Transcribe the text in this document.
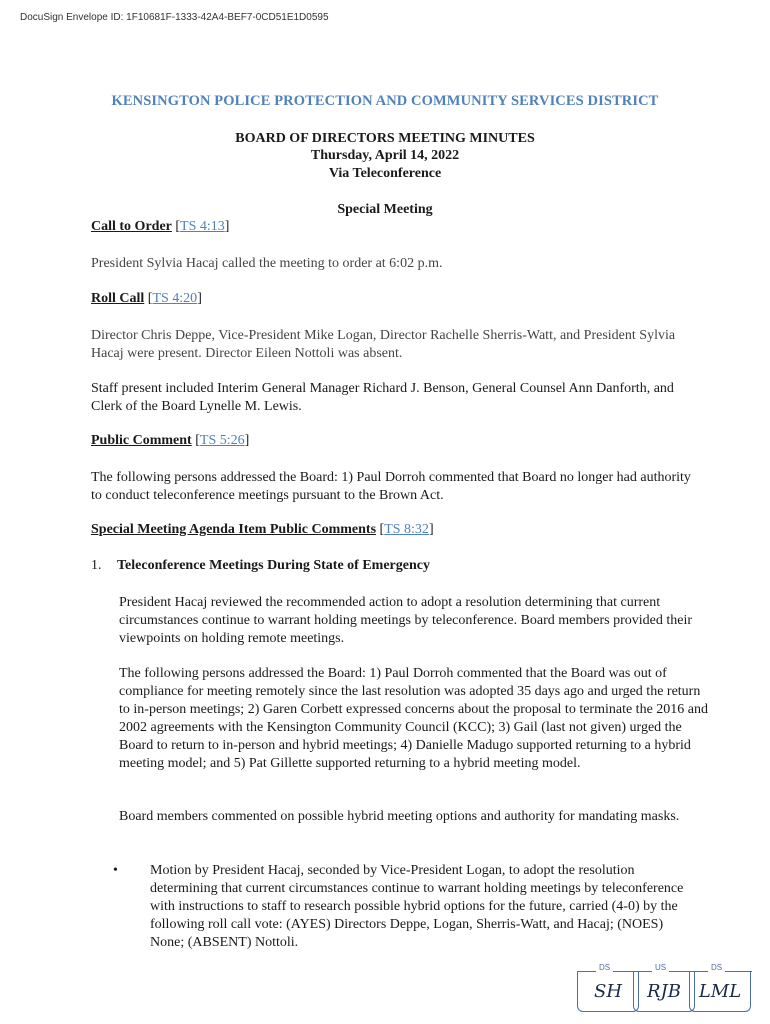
DocuSign Envelope ID: 1F10681F-1333-42A4-BEF7-0CD51E1D0595
KENSINGTON POLICE PROTECTION AND COMMUNITY SERVICES DISTRICT
BOARD OF DIRECTORS MEETING MINUTES
Thursday, April 14, 2022
Via Teleconference
Special Meeting
Call to Order [TS 4:13]
President Sylvia Hacaj called the meeting to order at 6:02 p.m.
Roll Call [TS 4:20]
Director Chris Deppe, Vice-President Mike Logan, Director Rachelle Sherris-Watt, and President Sylvia Hacaj were present. Director Eileen Nottoli was absent.
Staff present included Interim General Manager Richard J. Benson, General Counsel Ann Danforth, and Clerk of the Board Lynelle M. Lewis.
Public Comment [TS 5:26]
The following persons addressed the Board: 1) Paul Dorroh commented that Board no longer had authority to conduct teleconference meetings pursuant to the Brown Act.
Special Meeting Agenda Item Public Comments [TS 8:32]
1. Teleconference Meetings During State of Emergency
President Hacaj reviewed the recommended action to adopt a resolution determining that current circumstances continue to warrant holding meetings by teleconference. Board members provided their viewpoints on holding remote meetings.
The following persons addressed the Board: 1) Paul Dorroh commented that the Board was out of compliance for meeting remotely since the last resolution was adopted 35 days ago and urged the return to in-person meetings; 2) Garen Corbett expressed concerns about the proposal to terminate the 2016 and 2002 agreements with the Kensington Community Council (KCC); 3) Gail (last not given) urged the Board to return to in-person and hybrid meetings; 4) Danielle Madugo supported returning to a hybrid meeting model; and 5) Pat Gillette supported returning to a hybrid meeting model.
Board members commented on possible hybrid meeting options and authority for mandating masks.
• Motion by President Hacaj, seconded by Vice-President Logan, to adopt the resolution determining that current circumstances continue to warrant holding meetings by teleconference with instructions to staff to research possible hybrid options for the future, carried (4-0) by the following roll call vote: (AYES) Directors Deppe, Logan, Sherris-Watt, and Hacaj; (NOES) None; (ABSENT) Nottoli.
DS
SH
US
RJB
DS
LML
